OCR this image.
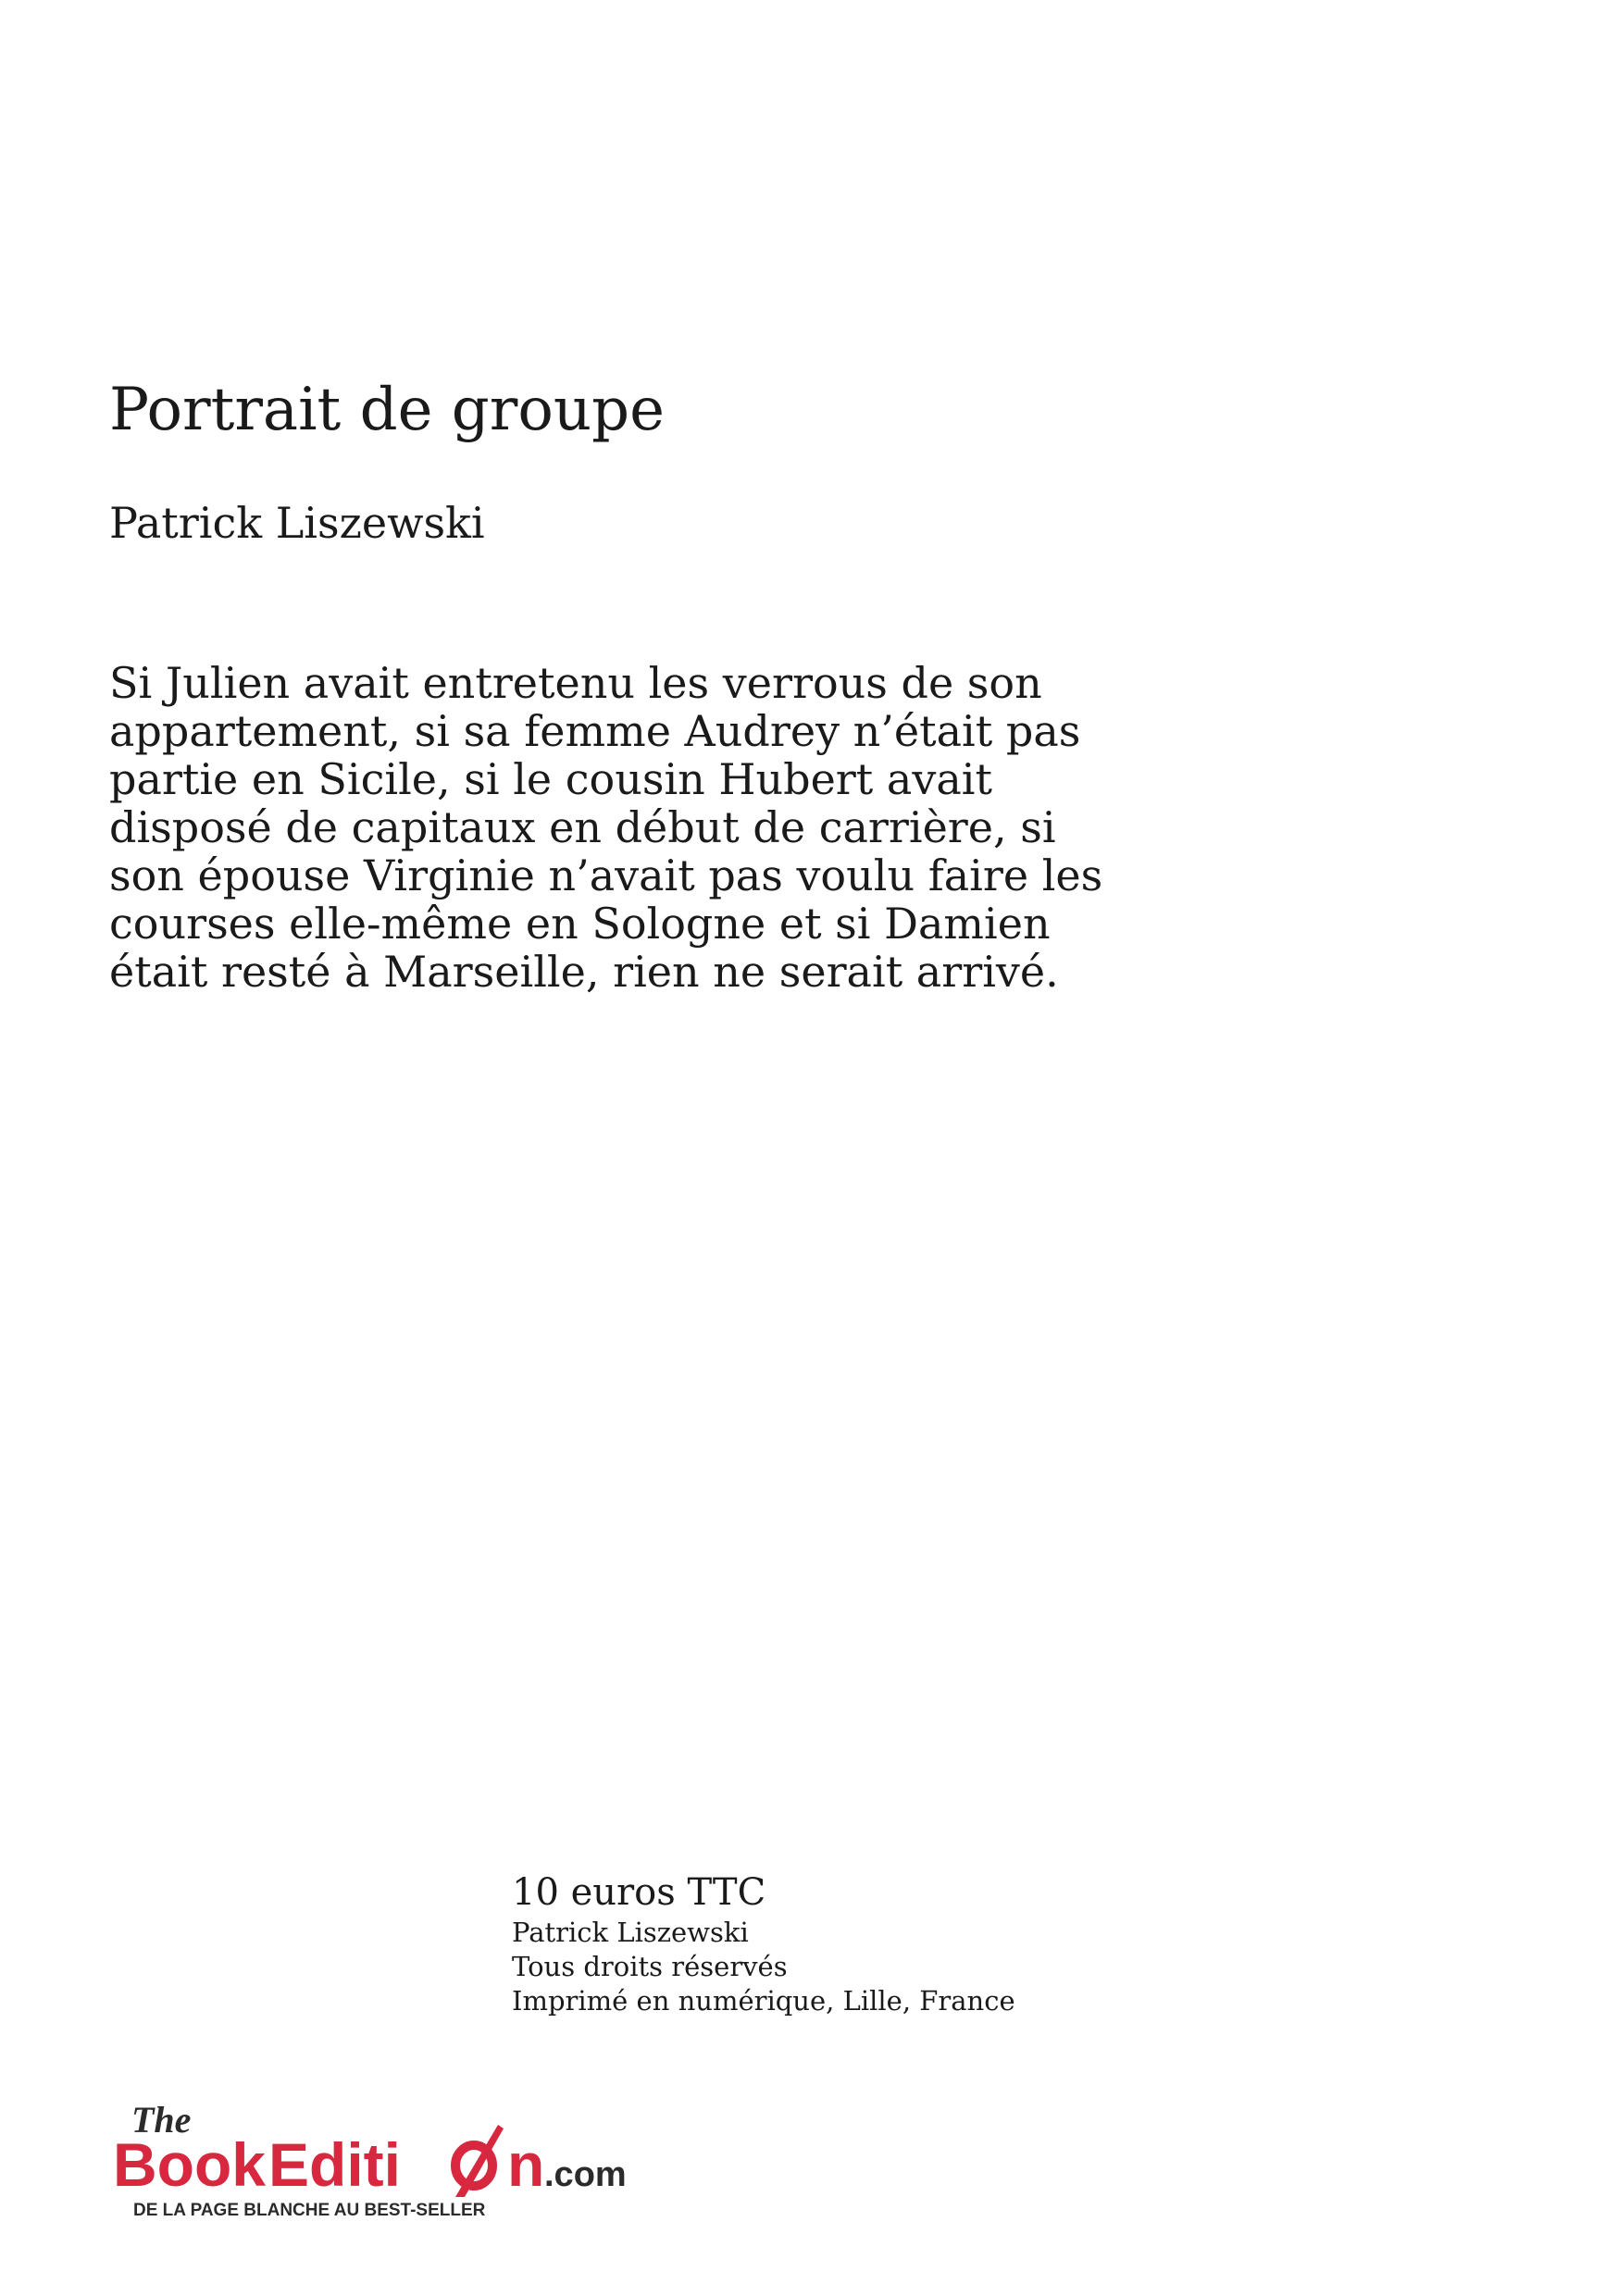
Portrait de groupe

Patrick Liszewski

Si Julien avait entretenu les verrous de son
appartement, si sa femme Audrey n’était pas
partie en Sicile, si le cousin Hubert avait
disposé de capitaux en début de carrière, si
son épouse Virginie n’avait pas voulu faire les
courses elle-même en Sologne et si Damien
était resté à Marseille, rien ne serait arrivé.

10 euros TTC
Patrick Liszewski
Tous droits réservés
Imprimé en numérique, Lille, France
The
Book Editi n .com
DE LA PAGE BLANCHE AU BEST-SELLER
